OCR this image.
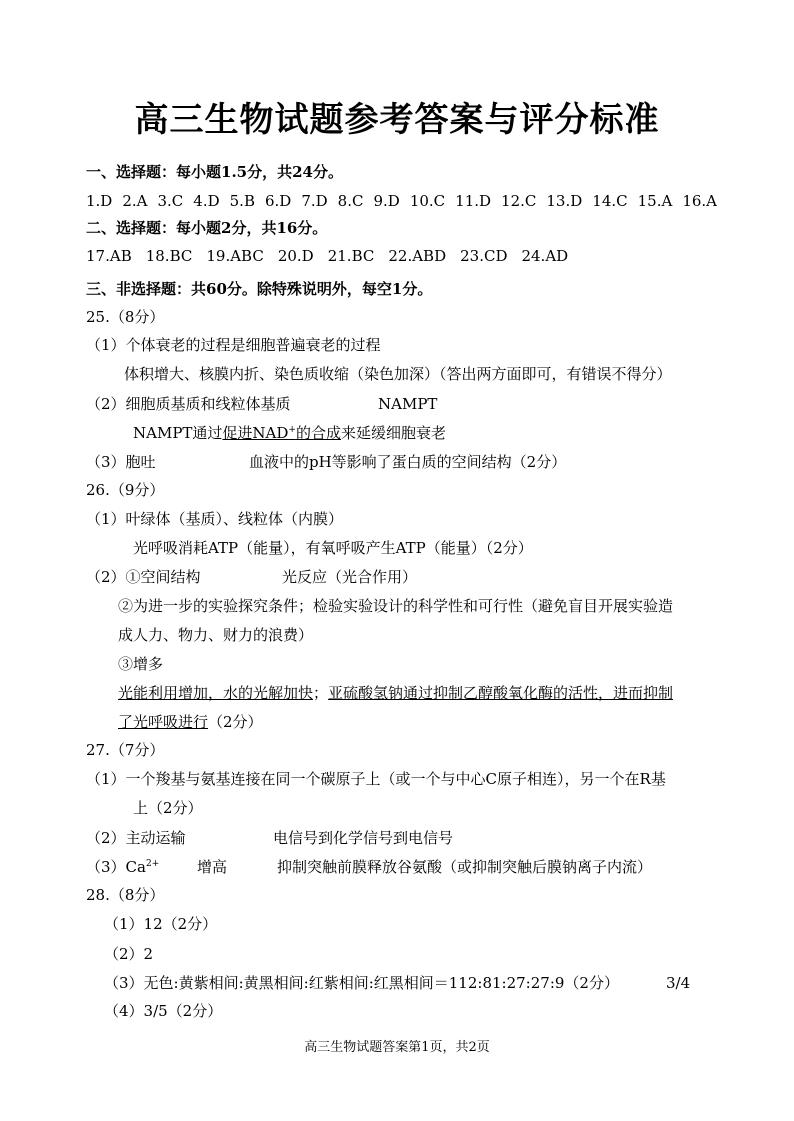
高三生物试题参考答案与评分标准
一、选择题：每小题1.5分，共24分。
1.D 2.A 3.C 4.D 5.B 6.D 7.D 8.C 9.D 10.C 11.D 12.C 13.D 14.C 15.A 16.A
二、选择题：每小题2分，共16分。
17.AB 18.BC 19.ABC 20.D 21.BC 22.ABD 23.CD 24.AD
三、非选择题：共60分。除特殊说明外，每空1分。
25.（8分）
（1）个体衰老的过程是细胞普遍衰老的过程
体积增大、核膜内折、染色质收缩（染色加深）（答出两方面即可，有错误不得分）
（2）细胞质基质和线粒体基质	NAMPT
NAMPT通过促进NAD+的合成来延缓细胞衰老
（3）胞吐	血液中的pH等影响了蛋白质的空间结构（2分）
26.（9分）
（1）叶绿体（基质）、线粒体（内膜）
光呼吸消耗ATP（能量），有氧呼吸产生ATP（能量）（2分）
（2）①空间结构	光反应（光合作用）
②为进一步的实验探究条件；检验实验设计的科学性和可行性（避免盲目开展实验造
成人力、物力、财力的浪费）
③增多
光能利用增加，水的光解加快；亚硫酸氢钠通过抑制乙醇酸氧化酶的活性，进而抑制
了光呼吸进行（2分）
27.（7分）
（1）一个羧基与氨基连接在同一个碳原子上（或一个与中心C原子相连），另一个在R基
上（2分）
（2）主动运输	电信号到化学信号到电信号
$(3)Ca^{2+}$	增高	抑制突触前膜释放谷氨酸（或抑制突触后膜钠离子内流）
28.（8分）
（1）12（2分）
（2）2
（3）无色:黄紫相间:黄黑相间:红紫相间:红黑相间＝112:81:27:27:9（2分）	3/4
（4）3/5（2分）
高三生物试题答案第1页，共2页
